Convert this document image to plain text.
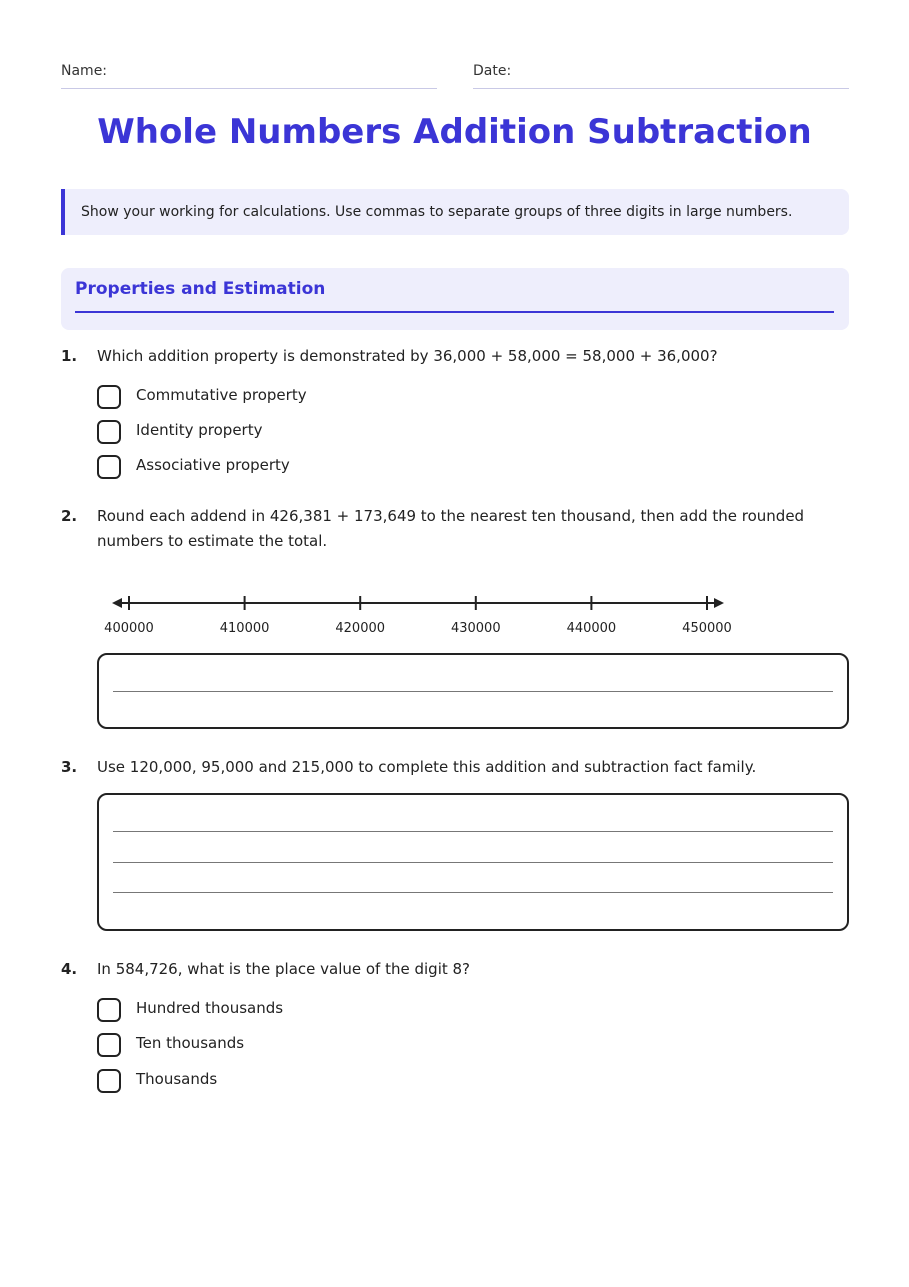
Name:	Date:
Whole Numbers Addition Subtraction
Show your working for calculations. Use commas to separate groups of three digits in large numbers.
Properties and Estimation
1. Which addition property is demonstrated by 36,000 + 58,000 = 58,000 + 36,000?
Commutative property
Identity property
Associative property
2. Round each addend in 426,381 + 173,649 to the nearest ten thousand, then add the rounded numbers to estimate the total.
400000	410000	420000	430000	440000	450000
3. Use 120,000, 95,000 and 215,000 to complete this addition and subtraction fact family.
4. In 584,726, what is the place value of the digit 8?
Hundred thousands
Ten thousands
Thousands
